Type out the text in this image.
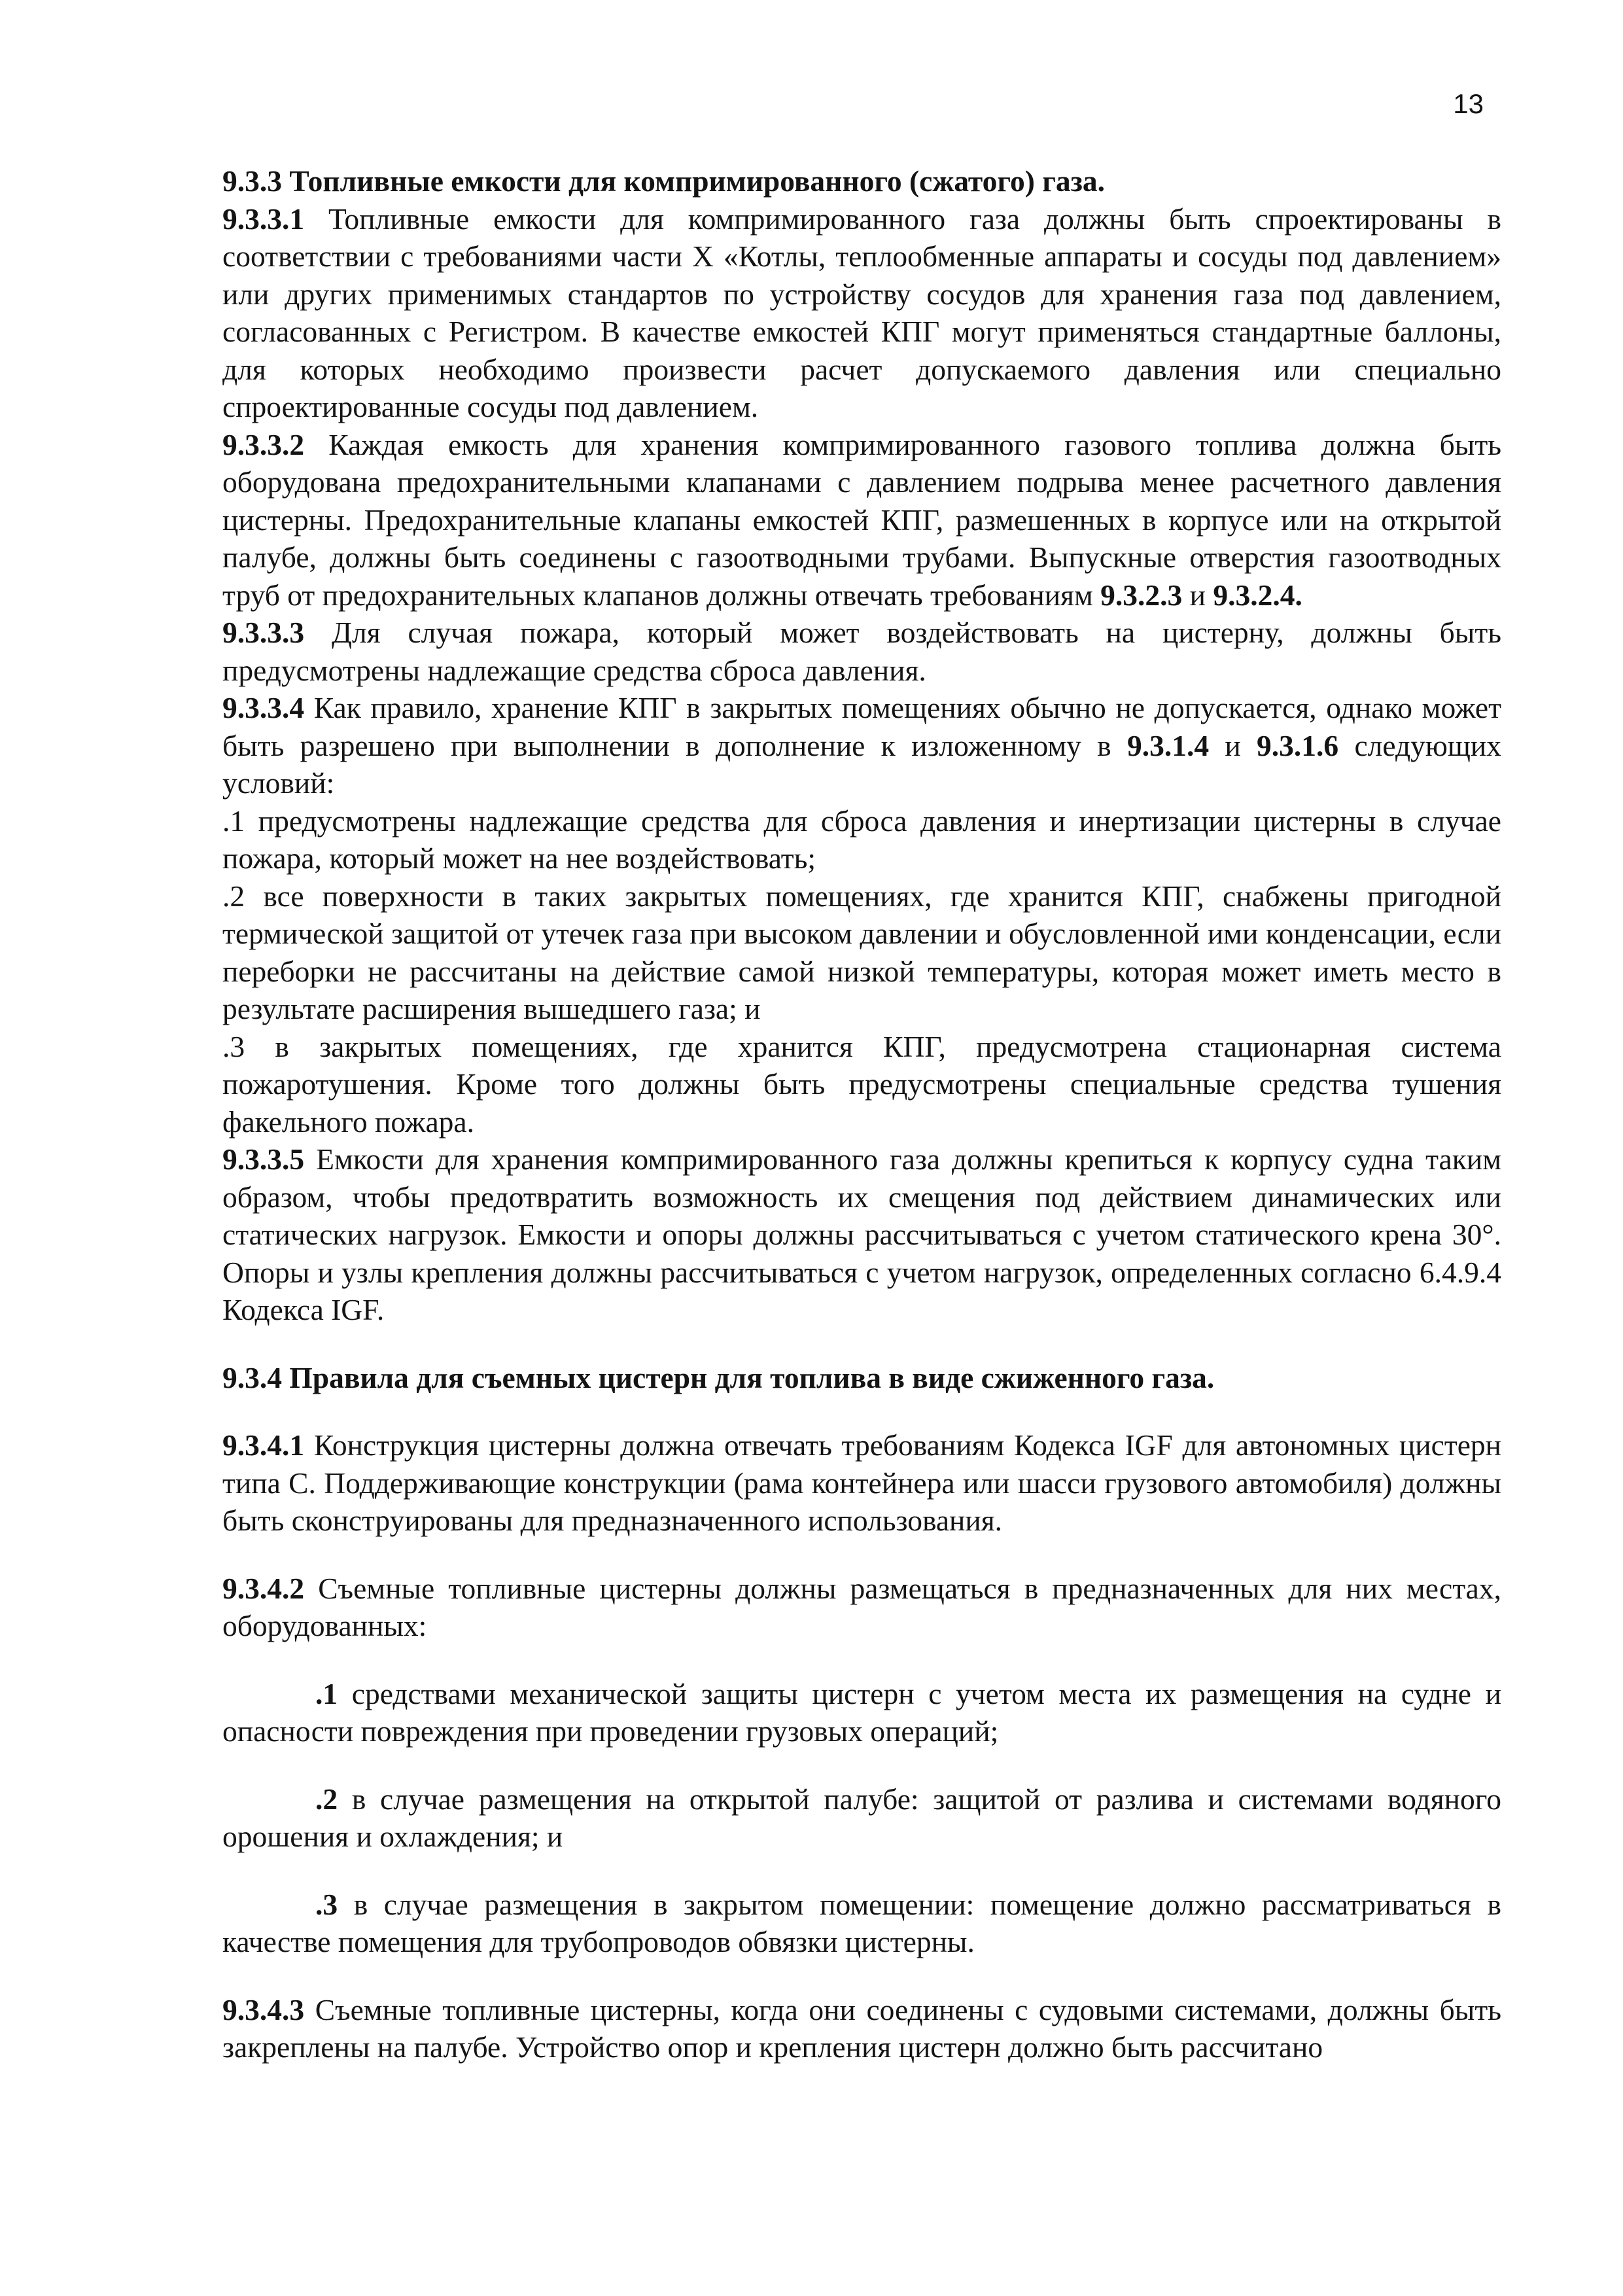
13

9.3.3 Топливные емкости для компримированного (сжатого) газа.

9.3.3.1 Топливные емкости для компримированного газа должны быть спроектированы в соответствии с требованиями части X «Котлы, теплообменные аппараты и сосуды под давлением» или других применимых стандартов по устройству сосудов для хранения газа под давлением, согласованных с Регистром. В качестве емкостей КПГ могут применяться стандартные баллоны, для которых необходимо произвести расчет допускаемого давления или специально спроектированные сосуды под давлением.

9.3.3.2 Каждая емкость для хранения компримированного газового топлива должна быть оборудована предохранительными клапанами с давлением подрыва менее расчетного давления цистерны. Предохранительные клапаны емкостей КПГ, размешенных в корпусе или на открытой палубе, должны быть соединены с газоотводными трубами. Выпускные отверстия газоотводных труб от предохранительных клапанов должны отвечать требованиям 9.3.2.3 и 9.3.2.4.

9.3.3.3 Для случая пожара, который может воздействовать на цистерну, должны быть предусмотрены надлежащие средства сброса давления.

9.3.3.4 Как правило, хранение КПГ в закрытых помещениях обычно не допускается, однако может быть разрешено при выполнении в дополнение к изложенному в 9.3.1.4 и 9.3.1.6 следующих условий:

.1 предусмотрены надлежащие средства для сброса давления и инертизации цистерны в случае пожара, который может на нее воздействовать;

.2 все поверхности в таких закрытых помещениях, где хранится КПГ, снабжены пригодной термической защитой от утечек газа при высоком давлении и обусловленной ими конденсации, если переборки не рассчитаны на действие самой низкой температуры, которая может иметь место в результате расширения вышедшего газа; и

.3 в закрытых помещениях, где хранится КПГ, предусмотрена стационарная система пожаротушения. Кроме того должны быть предусмотрены специальные средства тушения факельного пожара.

9.3.3.5 Емкости для хранения компримированного газа должны крепиться к корпусу судна таким образом, чтобы предотвратить возможность их смещения под действием динамических или статических нагрузок. Емкости и опоры должны рассчитываться с учетом статического крена 30°. Опоры и узлы крепления должны рассчитываться с учетом нагрузок, определенных согласно 6.4.9.4 Кодекса IGF.

9.3.4 Правила для съемных цистерн для топлива в виде сжиженного газа.

9.3.4.1 Конструкция цистерны должна отвечать требованиям Кодекса IGF для автономных цистерн типа С. Поддерживающие конструкции (рама контейнера или шасси грузового автомобиля) должны быть сконструированы для предназначенного использования.

9.3.4.2 Съемные топливные цистерны должны размещаться в предназначенных для них местах, оборудованных:

.1 средствами механической защиты цистерн с учетом места их размещения на судне и опасности повреждения при проведении грузовых операций;

.2 в случае размещения на открытой палубе: защитой от разлива и системами водяного орошения и охлаждения; и

.3 в случае размещения в закрытом помещении: помещение должно рассматриваться в качестве помещения для трубопроводов обвязки цистерны.

9.3.4.3 Съемные топливные цистерны, когда они соединены с судовыми системами, должны быть закреплены на палубе. Устройство опор и крепления цистерн должно быть рассчитано
